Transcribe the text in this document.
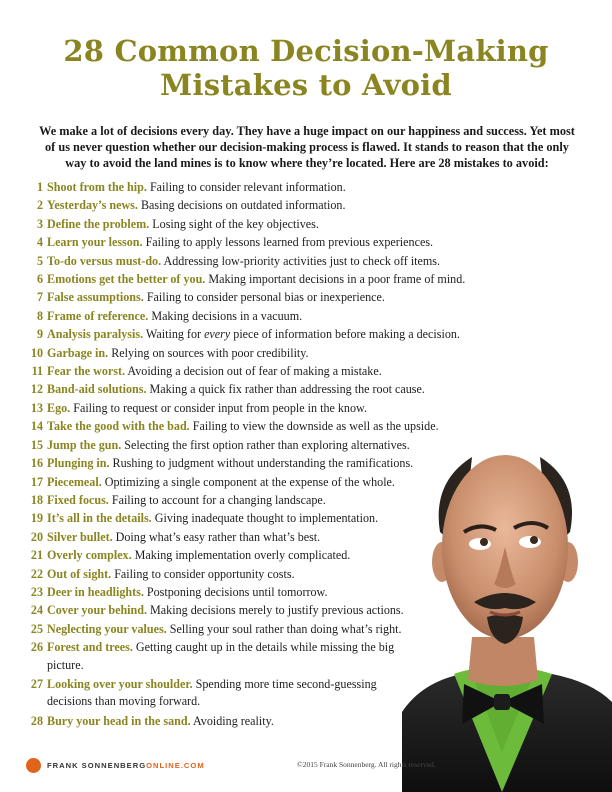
28 Common Decision-Making
Mistakes to Avoid
We make a lot of decisions every day. They have a huge impact on our happiness and success. Yet most of us never question whether our decision-making process is flawed. It stands to reason that the only way to avoid the land mines is to know where they’re located. Here are 28 mistakes to avoid:
1 Shoot from the hip. Failing to consider relevant information.
2 Yesterday’s news. Basing decisions on outdated information.
3 Define the problem. Losing sight of the key objectives.
4 Learn your lesson. Failing to apply lessons learned from previous experiences.
5 To-do versus must-do. Addressing low-priority activities just to check off items.
6 Emotions get the better of you. Making important decisions in a poor frame of mind.
7 False assumptions. Failing to consider personal bias or inexperience.
8 Frame of reference. Making decisions in a vacuum.
9 Analysis paralysis. Waiting for every piece of information before making a decision.
10 Garbage in. Relying on sources with poor credibility.
11 Fear the worst. Avoiding a decision out of fear of making a mistake.
12 Band-aid solutions. Making a quick fix rather than addressing the root cause.
13 Ego. Failing to request or consider input from people in the know.
14 Take the good with the bad. Failing to view the downside as well as the upside.
15 Jump the gun. Selecting the first option rather than exploring alternatives.
16 Plunging in. Rushing to judgment without understanding the ramifications.
17 Piecemeal. Optimizing a single component at the expense of the whole.
18 Fixed focus. Failing to account for a changing landscape.
19 It’s all in the details. Giving inadequate thought to implementation.
20 Silver bullet. Doing what’s easy rather than what’s best.
21 Overly complex. Making implementation overly complicated.
22 Out of sight. Failing to consider opportunity costs.
23 Deer in headlights. Postponing decisions until tomorrow.
24 Cover your behind. Making decisions merely to justify previous actions.
25 Neglecting your values. Selling your soul rather than doing what’s right.
26 Forest and trees. Getting caught up in the details while missing the big picture.
27 Looking over your shoulder. Spending more time second-guessing decisions than moving forward.
28 Bury your head in the sand. Avoiding reality.
FRANK SONNENBERGONLINE.COM	©2015 Frank Sonnenberg. All rights reserved.
